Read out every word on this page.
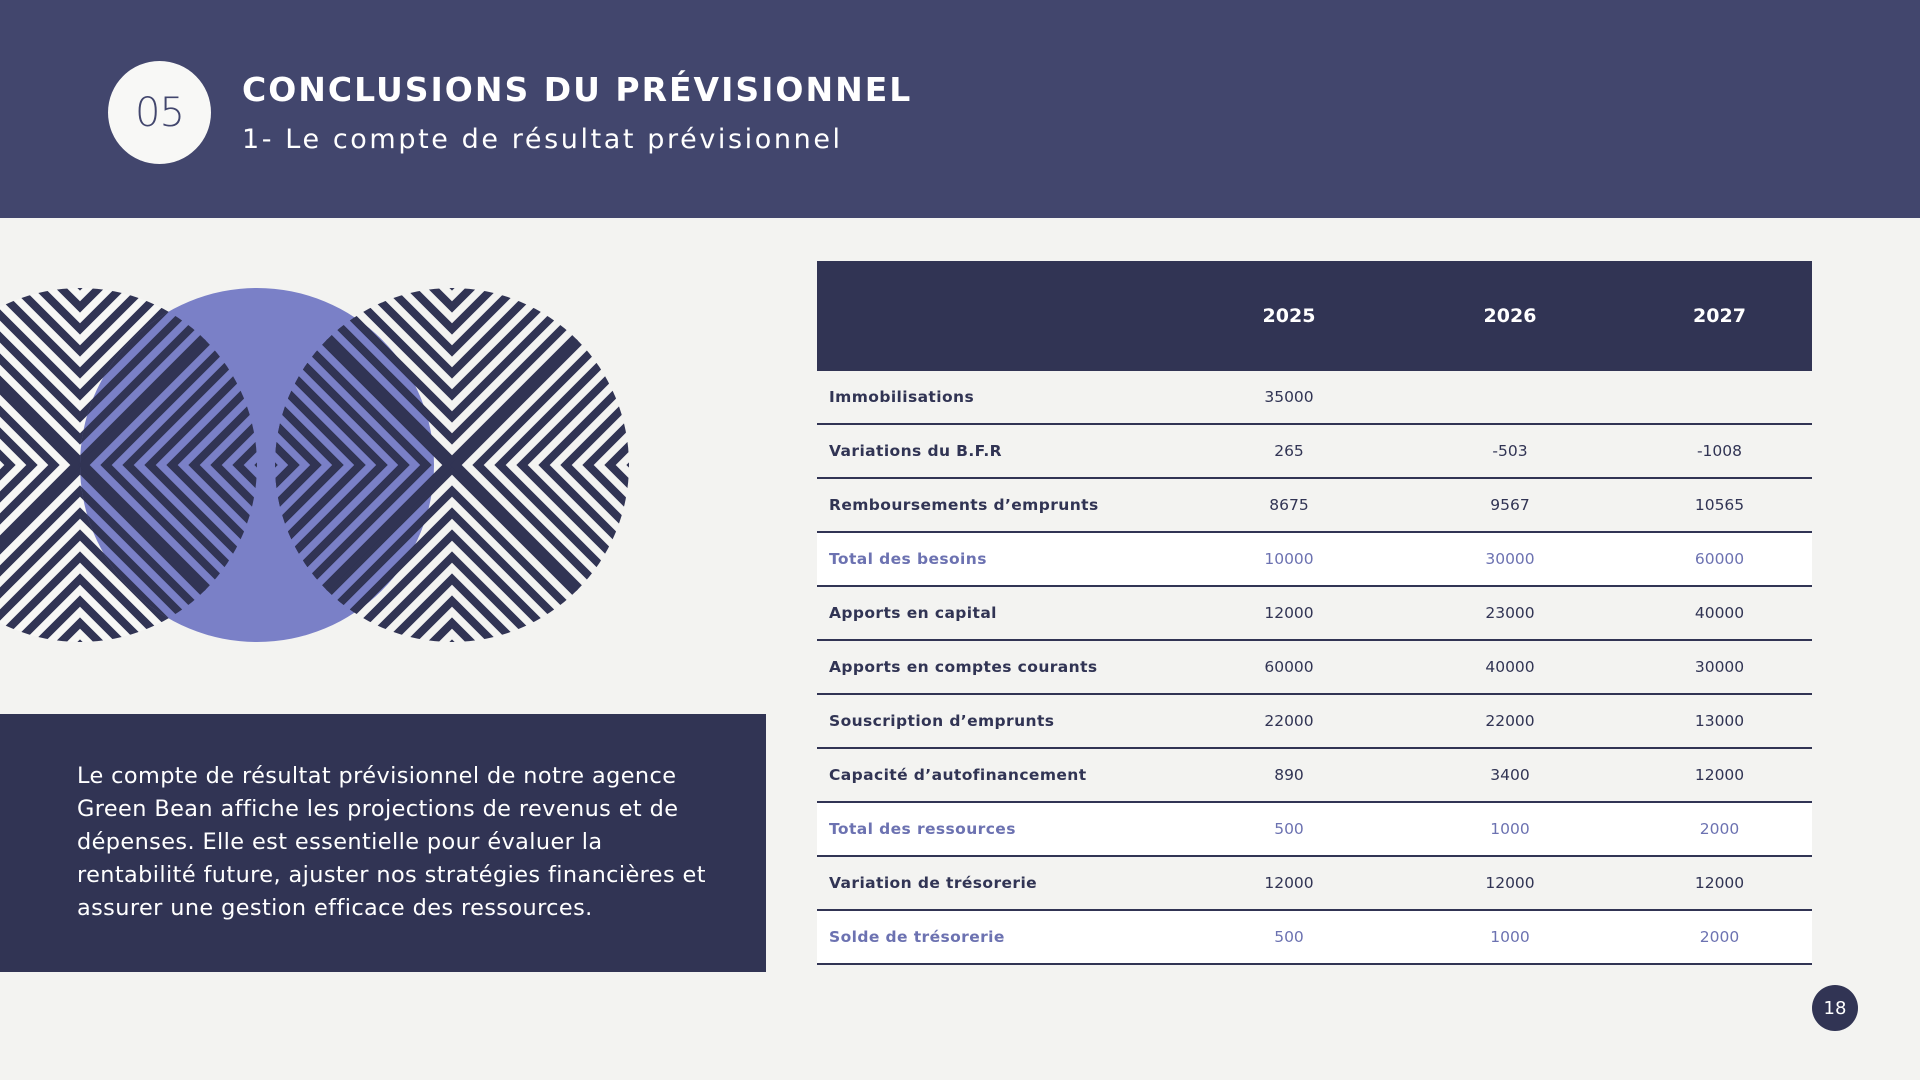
05	CONCLUSIONS DU PRÉVISIONNEL
1- Le compte de résultat prévisionnel

Le compte de résultat prévisionnel de notre agence Green Bean affiche les projections de revenus et de dépenses. Elle est essentielle pour évaluer la rentabilité future, ajuster nos stratégies financières et assurer une gestion efficace des ressources.

	2025	2026	2027
Immobilisations	35000		
Variations du B.F.R	265	-503	-1008
Remboursements d’emprunts	8675	9567	10565
Total des besoins	10000	30000	60000
Apports en capital	12000	23000	40000
Apports en comptes courants	60000	40000	30000
Souscription d’emprunts	22000	22000	13000
Capacité d’autofinancement	890	3400	12000
Total des ressources	500	1000	2000
Variation de trésorerie	12000	12000	12000
Solde de trésorerie	500	1000	2000
18
